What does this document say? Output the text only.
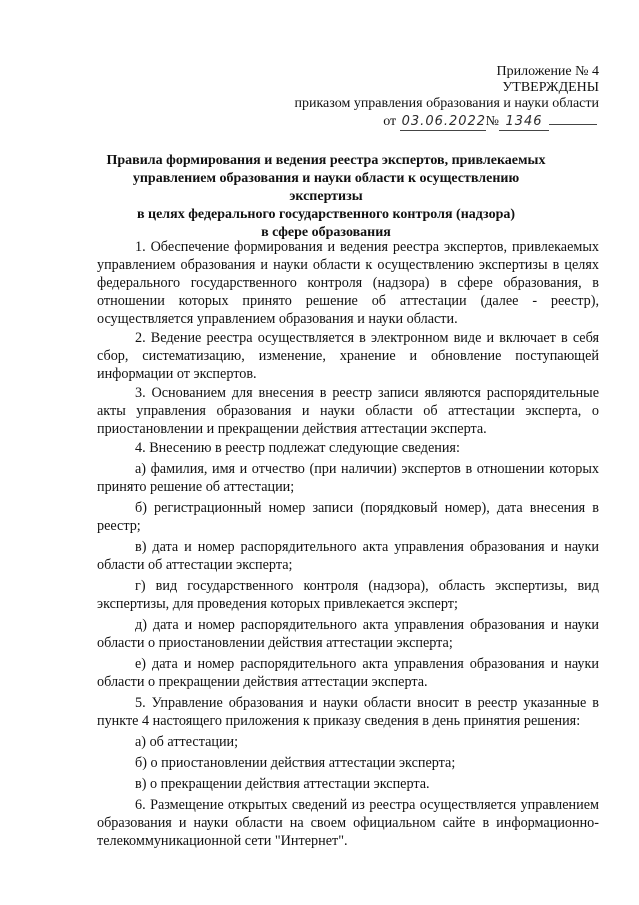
Приложение № 4
УТВЕРЖДЕНЫ
приказом управления образования и науки области
от 03.06.2022№ 1346
Правила формирования и ведения реестра экспертов, привлекаемых
управлением образования и науки области к осуществлению экспертизы
в целях федерального государственного контроля (надзора)
в сфере образования

1. Обеспечение формирования и ведения реестра экспертов, привлекаемых управлением образования и науки области к осуществлению экспертизы в целях федерального государственного контроля (надзора) в сфере образования, в отношении которых принято решение об аттестации (далее - реестр), осуществляется управлением образования и науки области.

2. Ведение реестра осуществляется в электронном виде и включает в себя сбор, систематизацию, изменение, хранение и обновление поступающей информации от экспертов.

3. Основанием для внесения в реестр записи являются распорядительные акты управления образования и науки области об аттестации эксперта, о приостановлении и прекращении действия аттестации эксперта.

4. Внесению в реестр подлежат следующие сведения:

а) фамилия, имя и отчество (при наличии) экспертов в отношении которых принято решение об аттестации;

б) регистрационный номер записи (порядковый номер), дата внесения в реестр;

в) дата и номер распорядительного акта управления образования и науки области об аттестации эксперта;

г) вид государственного контроля (надзора), область экспертизы, вид экспертизы, для проведения которых привлекается эксперт;

д) дата и номер распорядительного акта управления образования и науки области о приостановлении действия аттестации эксперта;

е) дата и номер распорядительного акта управления образования и науки области о прекращении действия аттестации эксперта.

5. Управление образования и науки области вносит в реестр указанные в пункте 4 настоящего приложения к приказу сведения в день принятия решения:

а) об аттестации;

б) о приостановлении действия аттестации эксперта;

в) о прекращении действия аттестации эксперта.

6. Размещение открытых сведений из реестра осуществляется управлением образования и науки области на своем официальном сайте в информационно-телекоммуникационной сети "Интернет".
